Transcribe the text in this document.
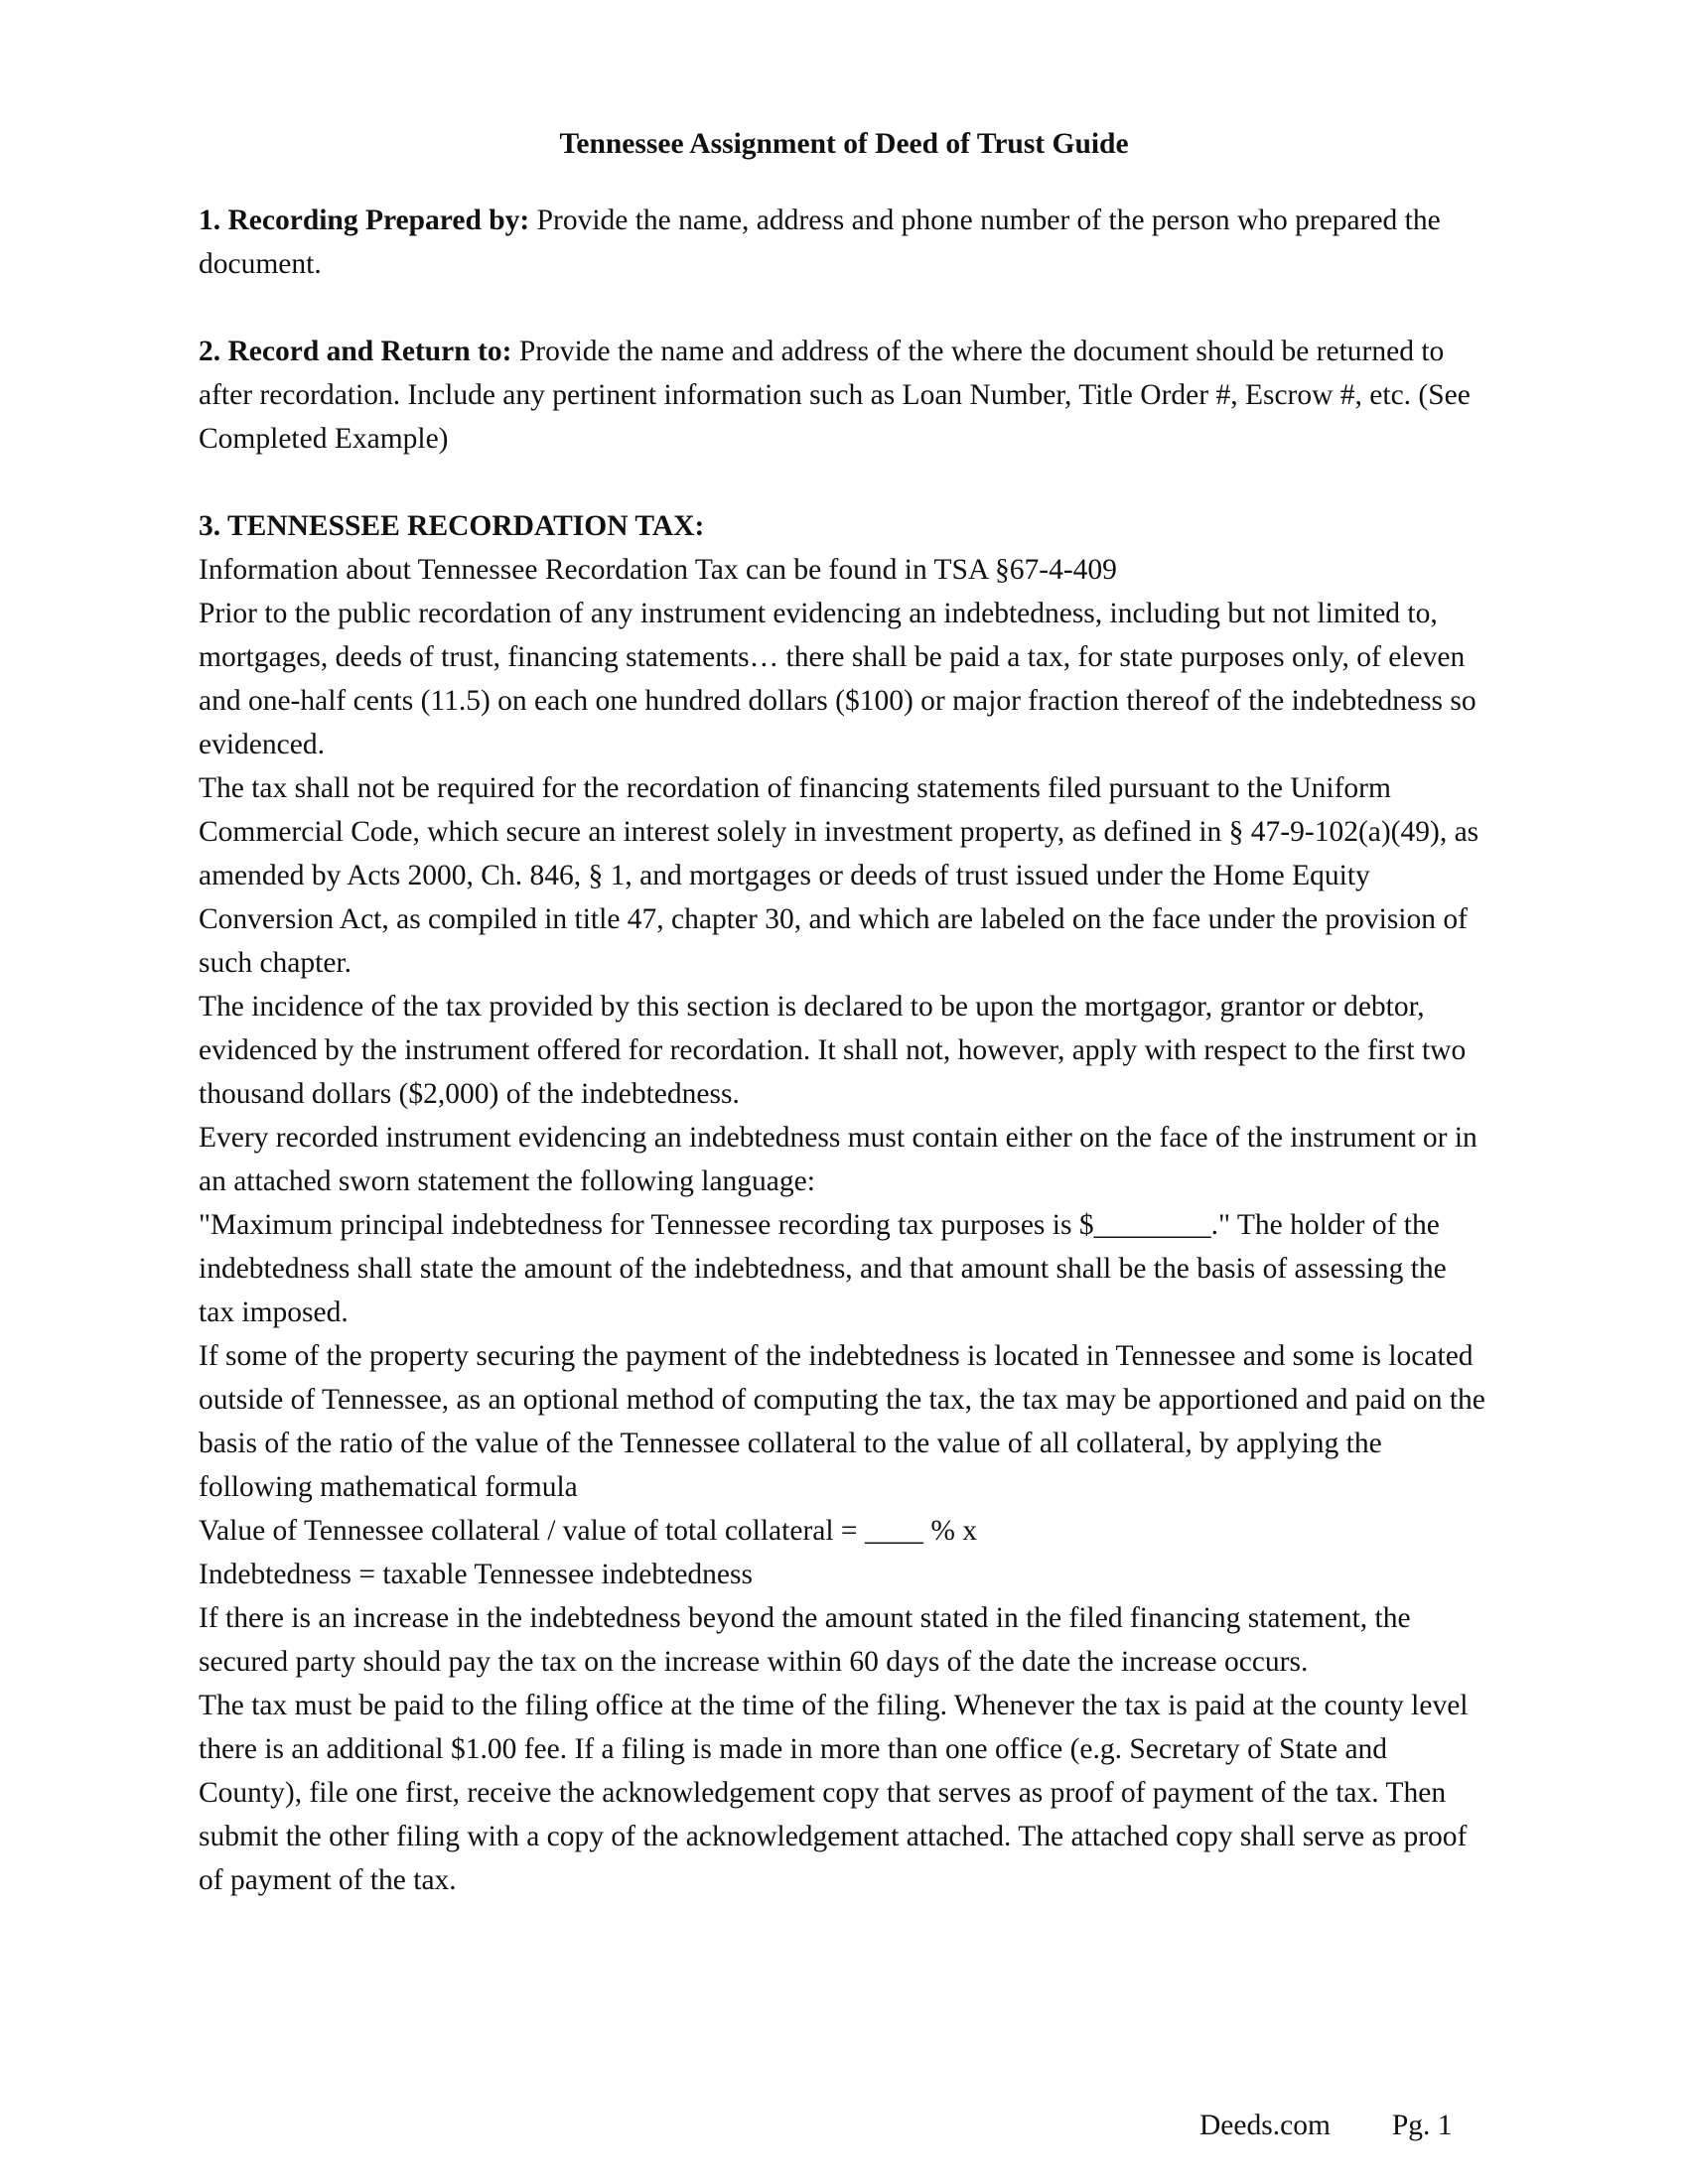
Tennessee Assignment of Deed of Trust Guide

1. Recording Prepared by: Provide the name, address and phone number of the person who prepared the document.

2. Record and Return to: Provide the name and address of the where the document should be returned to after recordation. Include any pertinent information such as Loan Number, Title Order #, Escrow #, etc. (See Completed Example)

3. TENNESSEE RECORDATION TAX:

Information about Tennessee Recordation Tax can be found in TSA §67-4-409

Prior to the public recordation of any instrument evidencing an indebtedness, including but not limited to, mortgages, deeds of trust, financing statements… there shall be paid a tax, for state purposes only, of eleven and one-half cents (11.5) on each one hundred dollars ($100) or major fraction thereof of the indebtedness so evidenced.

The tax shall not be required for the recordation of financing statements filed pursuant to the Uniform Commercial Code, which secure an interest solely in investment property, as defined in § 47-9-102(a)(49), as amended by Acts 2000, Ch. 846, § 1, and mortgages or deeds of trust issued under the Home Equity Conversion Act, as compiled in title 47, chapter 30, and which are labeled on the face under the provision of such chapter.

The incidence of the tax provided by this section is declared to be upon the mortgagor, grantor or debtor, evidenced by the instrument offered for recordation. It shall not, however, apply with respect to the first two thousand dollars ($2,000) of the indebtedness.

Every recorded instrument evidencing an indebtedness must contain either on the face of the instrument or in an attached sworn statement the following language:

"Maximum principal indebtedness for Tennessee recording tax purposes is $________." The holder of the indebtedness shall state the amount of the indebtedness, and that amount shall be the basis of assessing the tax imposed.

If some of the property securing the payment of the indebtedness is located in Tennessee and some is located outside of Tennessee, as an optional method of computing the tax, the tax may be apportioned and paid on the basis of the ratio of the value of the Tennessee collateral to the value of all collateral, by applying the following mathematical formula

Value of Tennessee collateral / value of total collateral = ____ % x

Indebtedness = taxable Tennessee indebtedness

If there is an increase in the indebtedness beyond the amount stated in the filed financing statement, the secured party should pay the tax on the increase within 60 days of the date the increase occurs.

The tax must be paid to the filing office at the time of the filing. Whenever the tax is paid at the county level there is an additional $1.00 fee. If a filing is made in more than one office (e.g. Secretary of State and County), file one first, receive the acknowledgement copy that serves as proof of payment of the tax. Then submit the other filing with a copy of the acknowledgement attached. The attached copy shall serve as proof of payment of the tax.

Deeds.com Pg. 1
